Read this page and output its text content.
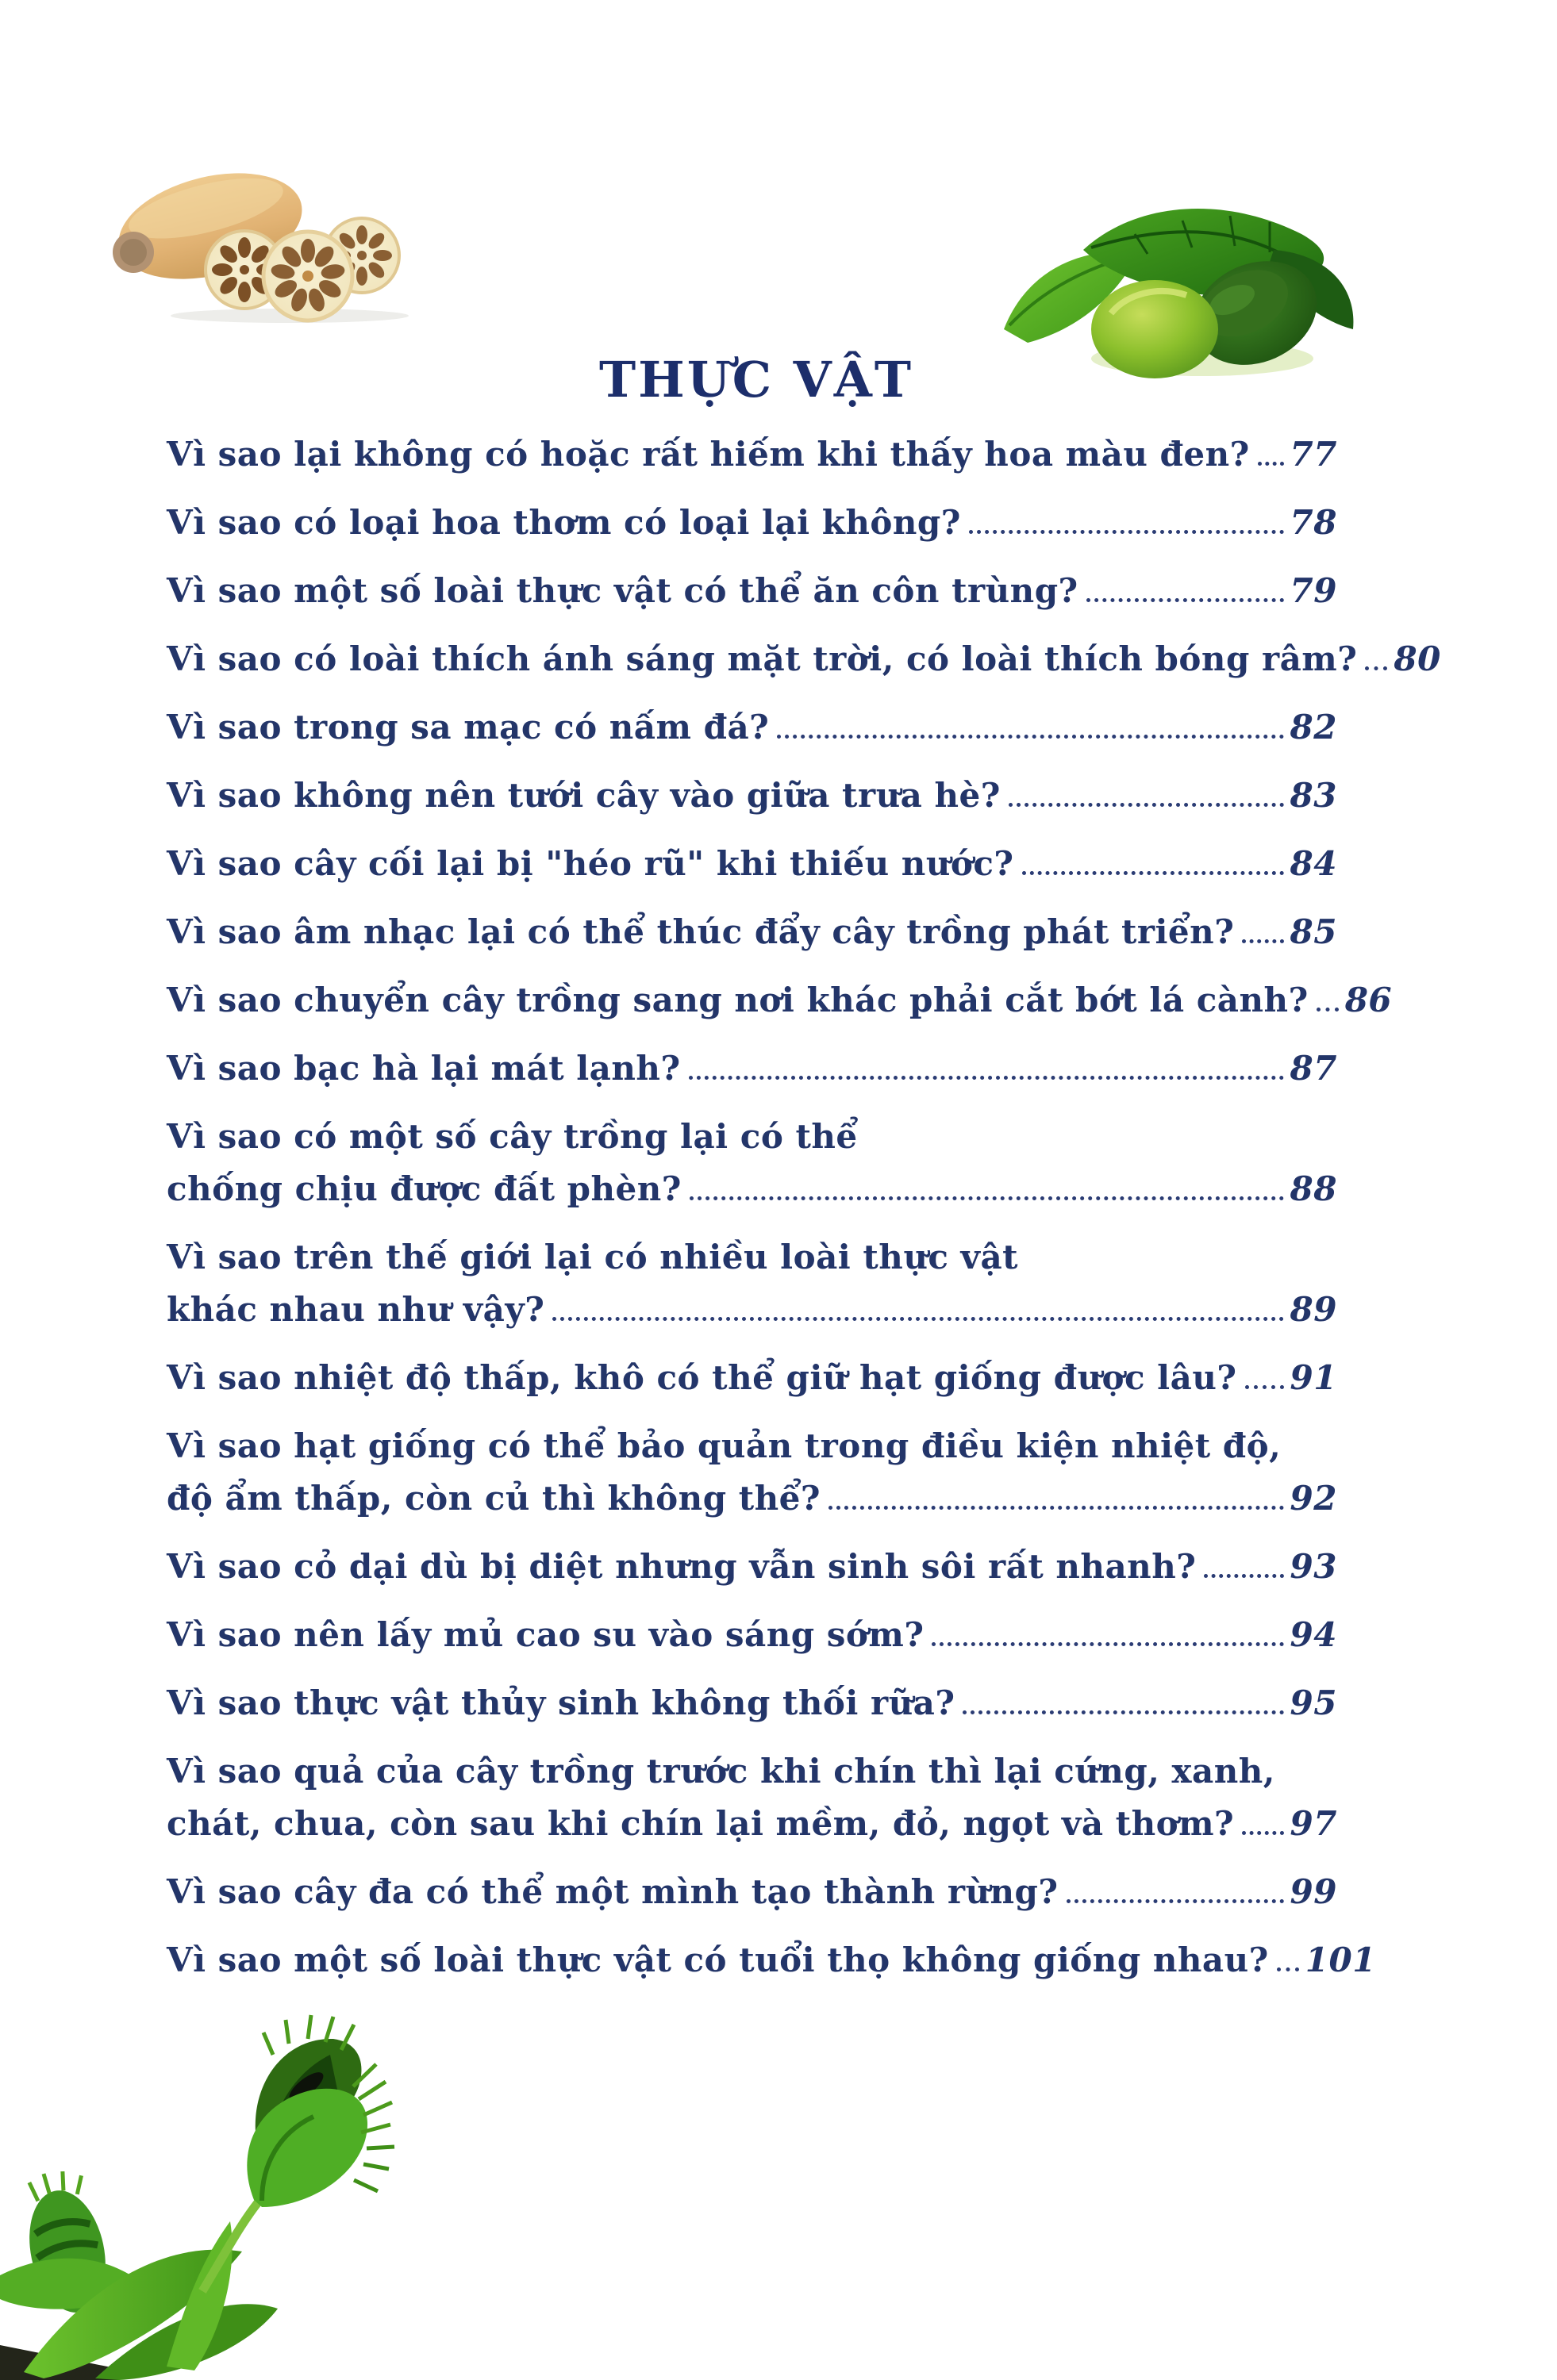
THỰC VẬT
Vì sao lại không có hoặc rất hiếm khi thấy hoa màu đen? 77
Vì sao có loại hoa thơm có loại lại không?	78
Vì sao một số loài thực vật có thể ăn côn trùng?	79
Vì sao có loài thích ánh sáng mặt trời, có loài thích bóng râm? 80
Vì sao trong sa mạc có nấm đá?	82
Vì sao không nên tưới cây vào giữa trưa hè?	83
Vì sao cây cối lại bị "héo rũ" khi thiếu nước?	84
Vì sao âm nhạc lại có thể thúc đẩy cây trồng phát triển? 85
Vì sao chuyển cây trồng sang nơi khác phải cắt bớt lá cành? 86
Vì sao bạc hà lại mát lạnh?	87
Vì sao có một số cây trồng lại có thể
chống chịu được đất phèn?	88
Vì sao trên thế giới lại có nhiều loài thực vật
khác nhau như vậy?	89
Vì sao nhiệt độ thấp, khô có thể giữ hạt giống được lâu? 91
Vì sao hạt giống có thể bảo quản trong điều kiện nhiệt độ,
độ ẩm thấp, còn củ thì không thể?	92
Vì sao cỏ dại dù bị diệt nhưng vẫn sinh sôi rất nhanh?	93
Vì sao nên lấy mủ cao su vào sáng sớm?	94
Vì sao thực vật thủy sinh không thối rữa?	95
Vì sao quả của cây trồng trước khi chín thì lại cứng, xanh,
chát, chua, còn sau khi chín lại mềm, đỏ, ngọt và thơm? 97
Vì sao cây đa có thể một mình tạo thành rừng?	99
Vì sao một số loài thực vật có tuổi thọ không giống nhau? 101
